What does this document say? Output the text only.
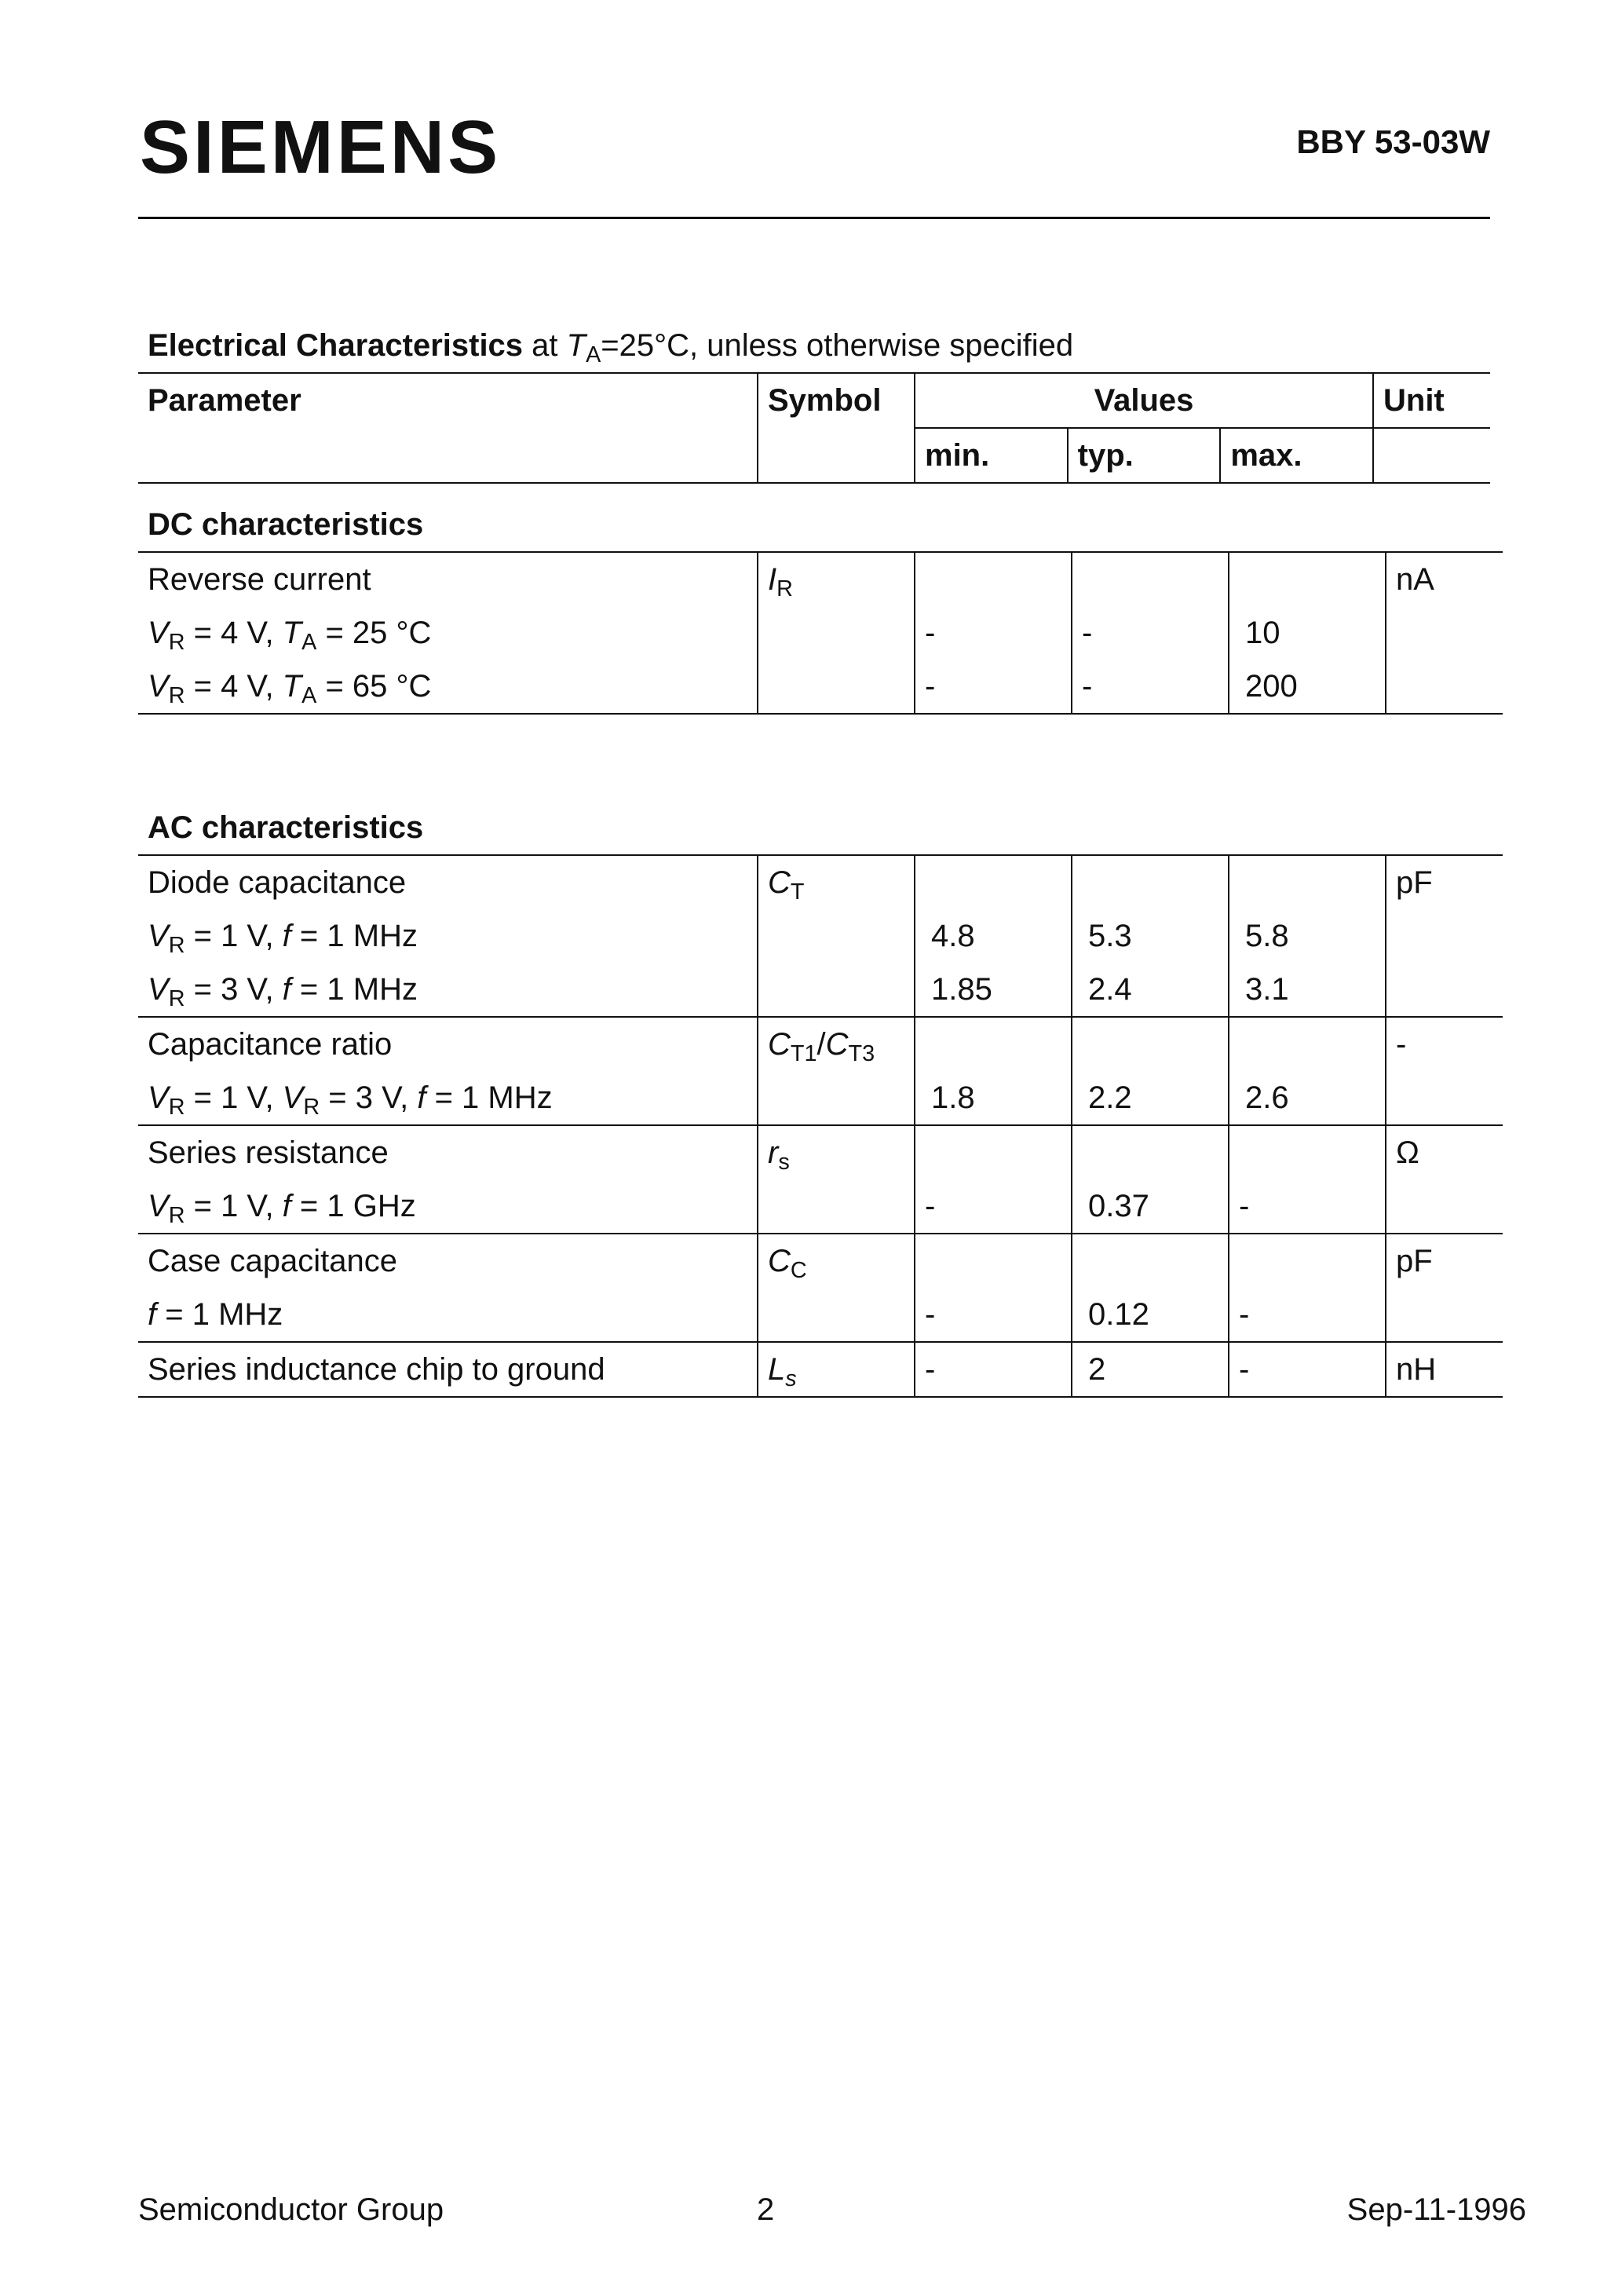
SIEMENS	BBY 53-03W
Electrical Characteristics at $T_A=25^\circ C$, unless otherwise specified
Parameter	Symbol	Values			Unit
		min.	typ.	max.	
DC characteristics
Reverse current	$I_R$				nA
$V_R = 4$ V, $T_A = 25$ °C		-	-	10	
$V_R = 4$ V, $T_A = 65$ °C		-	-	200	
AC characteristics
Diode capacitance	$C_T$				pF
$V_R = 1$ V, f = 1 MHz		4.8	5.3	5.8	
$V_R = 3$ V, f = 1 MHz		1.85	2.4	3.1	
Capacitance ratio	$C_{T1}/C_{T3}$				-
$V_R = 1$ V, $V_R = 3$ V, f = 1 MHz		1.8	2.2	2.6	
Series resistance	$r_s$				Ω
$V_R = 1$ V, f = 1 GHz		-	0.37	-	
Case capacitance	$C_C$				pF
f = 1 MHz		-	0.12	-	
Series inductance chip to ground	$L_s$	-	2	-	nH
Semiconductor Group	2	Sep-11-1996
